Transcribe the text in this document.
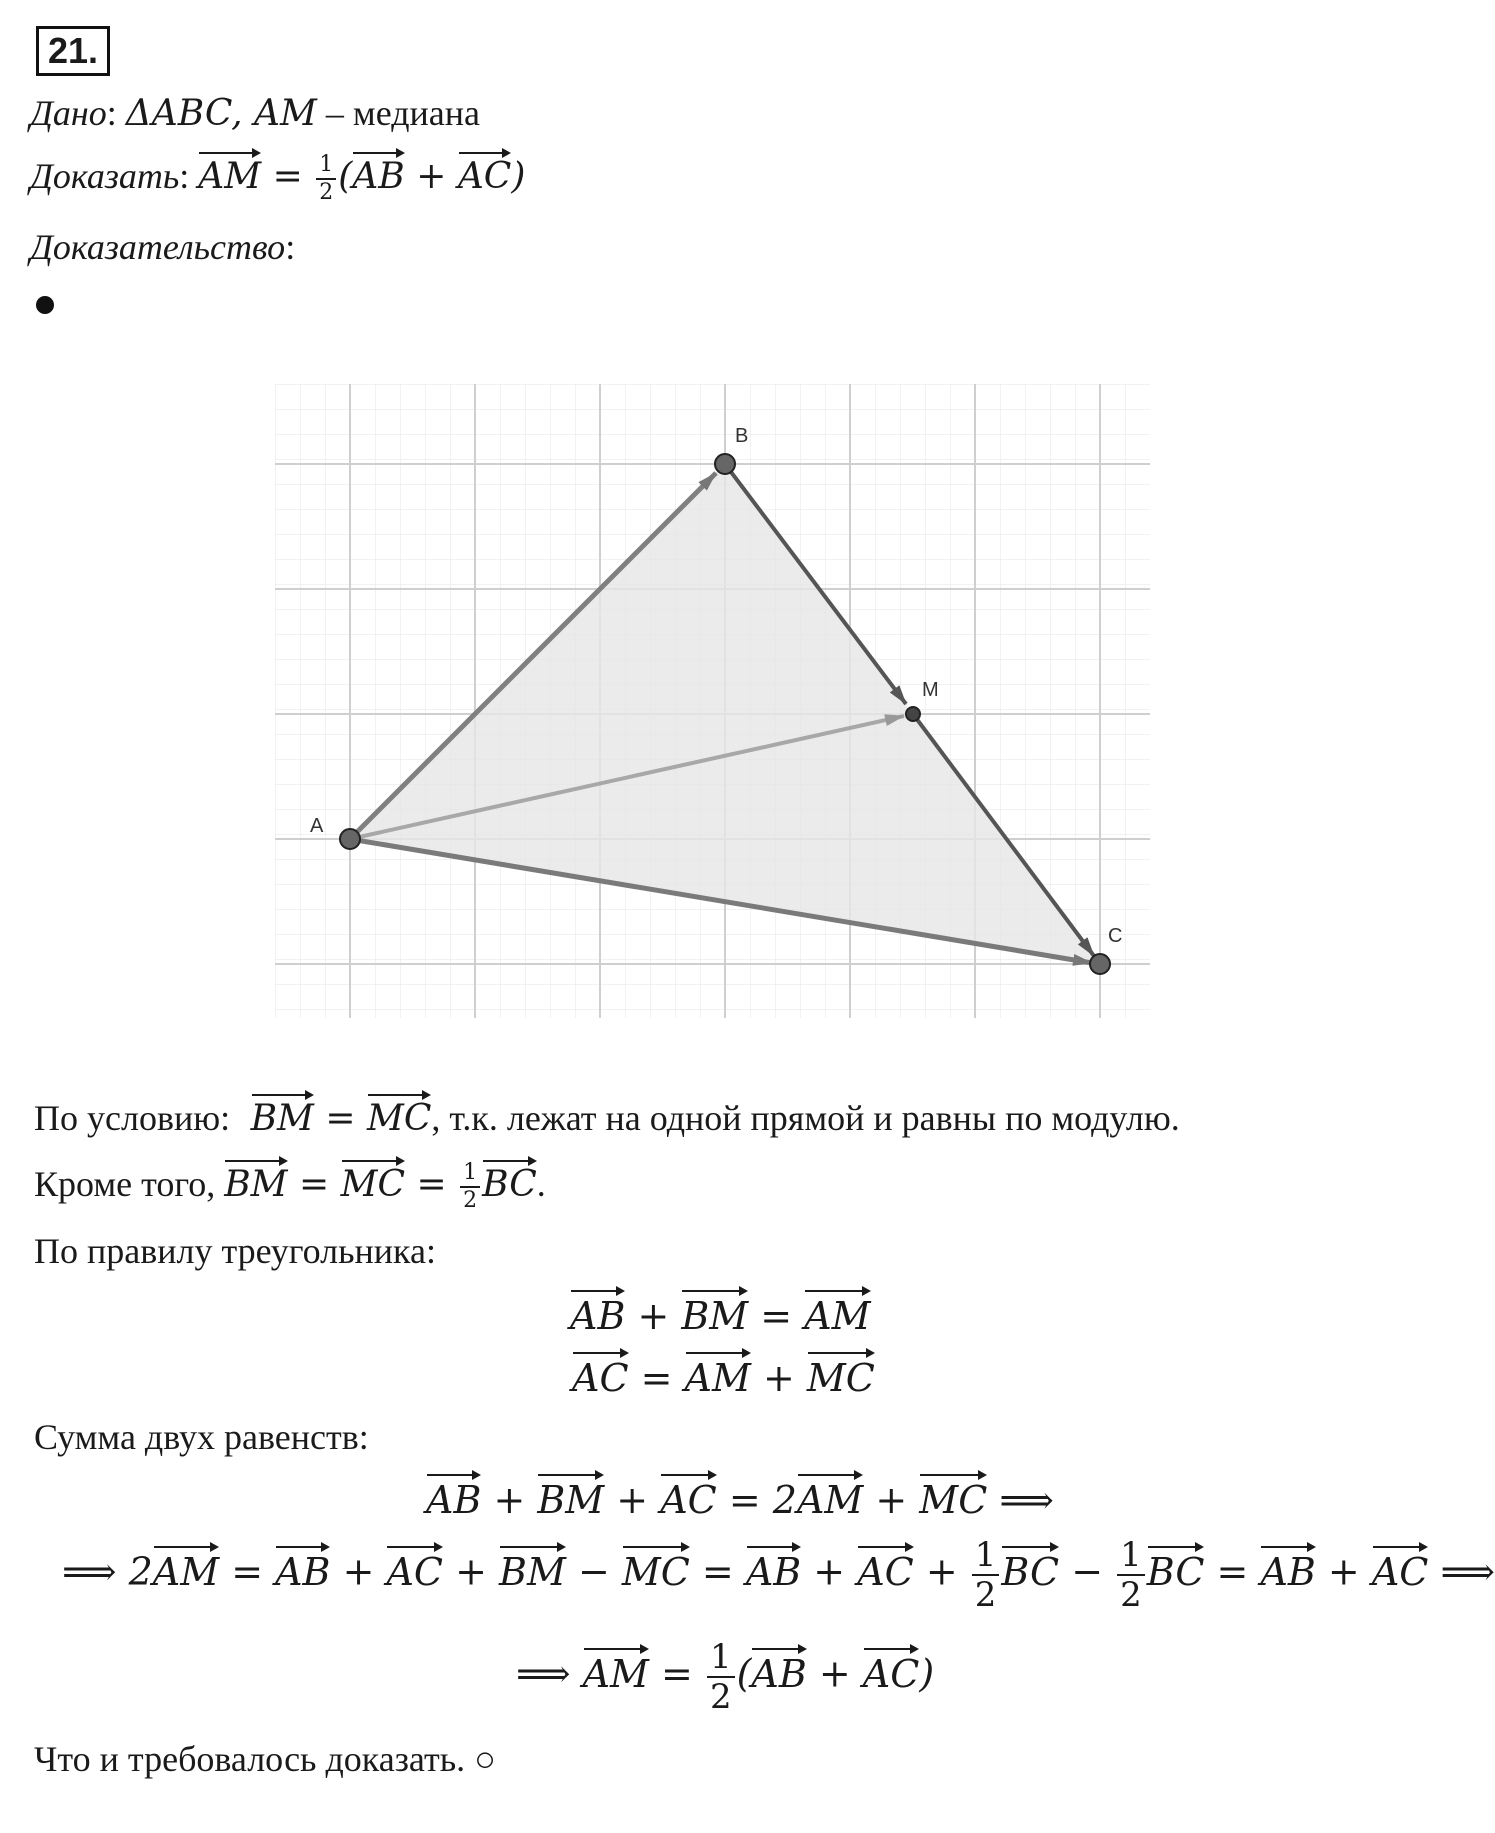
21.
Дано: ΔABC, AM – медиана
Доказать: AM = $\frac{1}{2} (AB + AC)$
Доказательство:
A
B
C
M
По условию: BM = MC, т.к. лежат на одной прямой и равны по модулю.
Кроме того, BM = MC = $\frac{1}{2}$ BC.
По правилу треугольника:
AB + BM = AM
AC = AM + MC
Сумма двух равенств:
AB + BM + AC = 2AM + MC ⟹
⟹ 2AM = AB + AC + BM − MC = AB + AC + $\frac{1}{2}$ BC − $\frac{1}{2}$ BC = AB + AC ⟹
⟹ AM = $\frac{1}{2} (AB + AC)$
Что и требовалось доказать. ○
